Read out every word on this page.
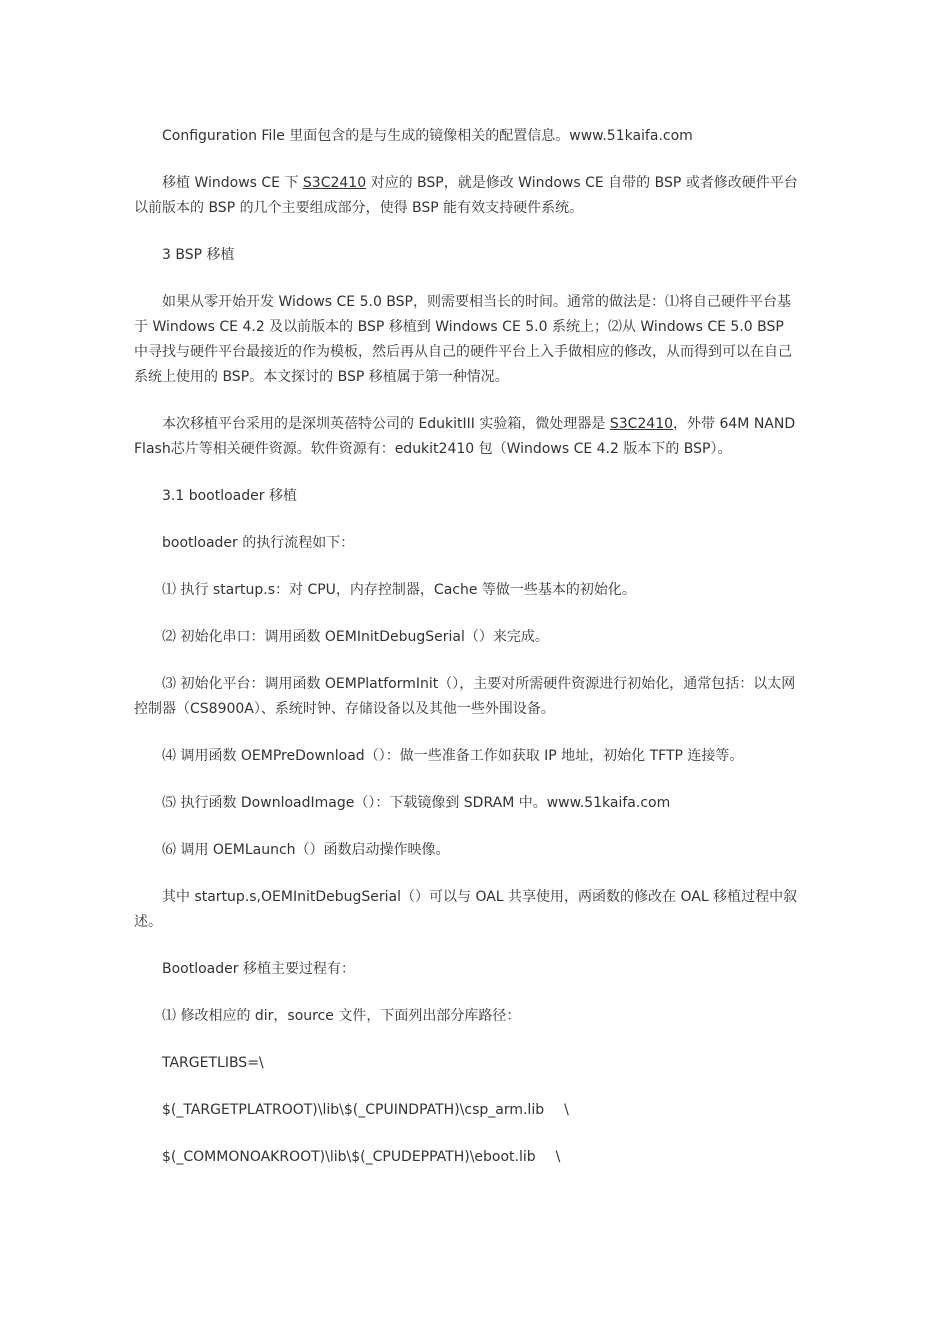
Configuration File 里面包含的是与生成的镜像相关的配置信息。www.51kaifa.com

移植 Windows CE 下 S3C2410 对应的 BSP，就是修改 Windows CE 自带的 BSP 或者修改硬件平台以前版本的 BSP 的几个主要组成部分，使得 BSP 能有效支持硬件系统。

3 BSP 移植

如果从零开始开发 Widows CE 5.0 BSP，则需要相当长的时间。通常的做法是：⑴将自己硬件平台基于 Windows CE 4.2 及以前版本的 BSP 移植到 Windows CE 5.0 系统上；⑵从 Windows CE 5.0 BSP 中寻找与硬件平台最接近的作为模板，然后再从自己的硬件平台上入手做相应的修改，从而得到可以在自己系统上使用的 BSP。本文探讨的 BSP 移植属于第一种情况。

本次移植平台采用的是深圳英蓓特公司的 EdukitIII 实验箱，微处理器是 S3C2410，外带 64M NAND Flash芯片等相关硬件资源。软件资源有：edukit2410 包（Windows CE 4.2 版本下的 BSP）。

3.1 bootloader 移植

bootloader 的执行流程如下：

⑴ 执行 startup.s：对 CPU，内存控制器，Cache 等做一些基本的初始化。

⑵ 初始化串口：调用函数 OEMInitDebugSerial（）来完成。

⑶ 初始化平台：调用函数 OEMPlatformInit（），主要对所需硬件资源进行初始化，通常包括：以太网控制器（CS8900A）、系统时钟、存储设备以及其他一些外围设备。

⑷ 调用函数 OEMPreDownload（）：做一些准备工作如获取 IP 地址，初始化 TFTP 连接等。

⑸ 执行函数 DownloadImage（）：下载镜像到 SDRAM 中。www.51kaifa.com

⑹ 调用 OEMLaunch（）函数启动操作映像。

其中 startup.s,OEMInitDebugSerial（）可以与 OAL 共享使用，两函数的修改在 OAL 移植过程中叙述。

Bootloader 移植主要过程有：

⑴ 修改相应的 dir，source 文件，下面列出部分库路径：

TARGETLIBS=\

$(_TARGETPLATROOT)\lib\$(_CPUINDPATH)\csp_arm.lib \

$(_COMMONOAKROOT)\lib\$(_CPUDEPPATH)\eboot.lib \
